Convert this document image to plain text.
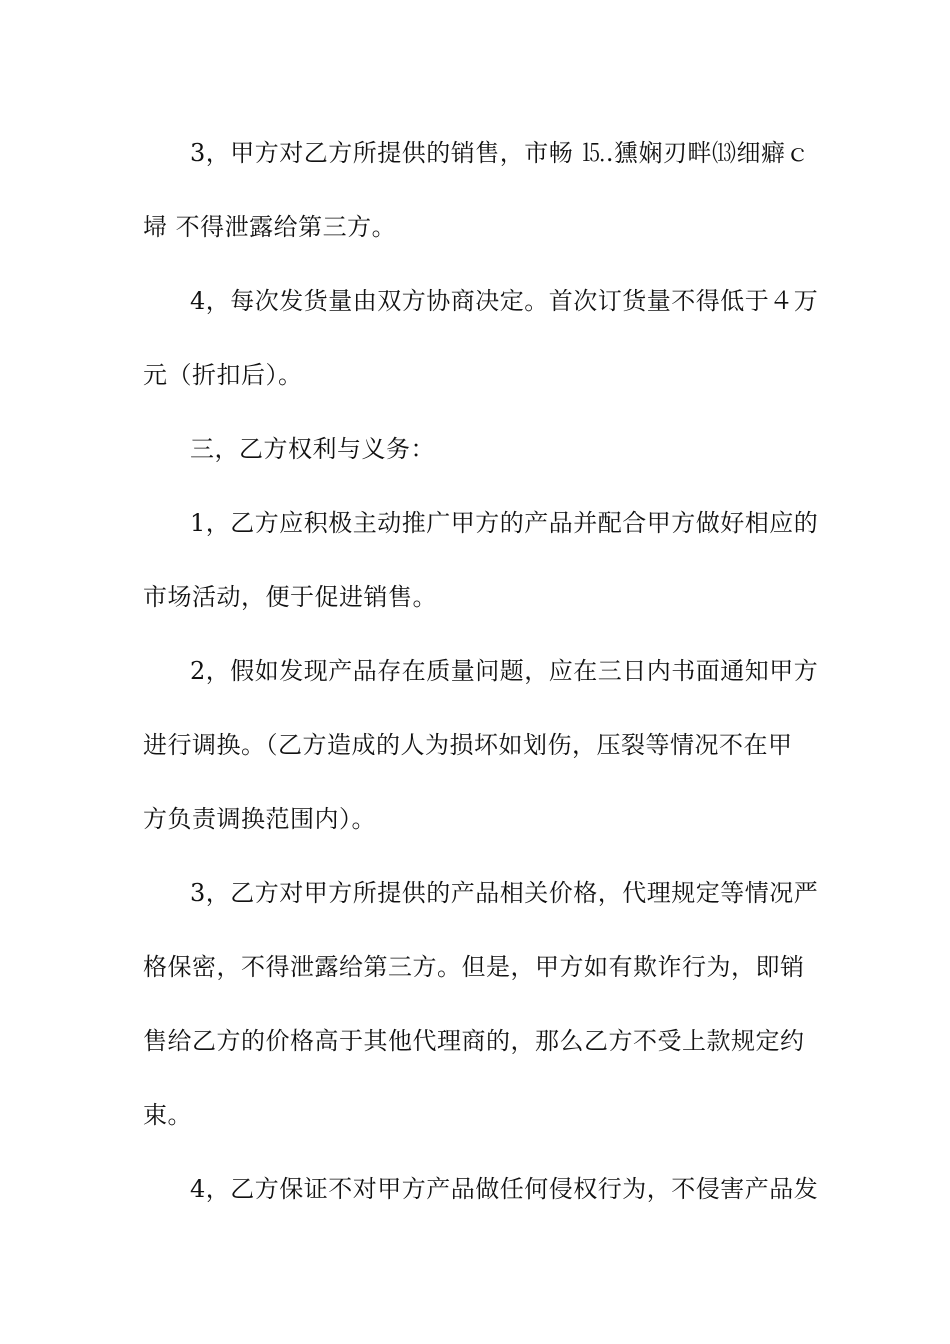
3，甲方对乙方所提供的销售，市畅 ⒖.獯娴刃畔⒀细癖ｃ
埽 不得泄露给第三方。
4，每次发货量由双方协商决定。首次订货量不得低于４万
元（折扣后）。
三，乙方权利与义务：
1，乙方应积极主动推广甲方的产品并配合甲方做好相应的
市场活动，便于促进销售。
2，假如发现产品存在质量问题，应在三日内书面通知甲方
进行调换。（乙方造成的人为损坏如划伤，压裂等情况不在甲
方负责调换范围内）。
3，乙方对甲方所提供的产品相关价格，代理规定等情况严
格保密，不得泄露给第三方。但是，甲方如有欺诈行为，即销
售给乙方的价格高于其他代理商的，那么乙方不受上款规定约
束。
4，乙方保证不对甲方产品做任何侵权行为，不侵害产品发
